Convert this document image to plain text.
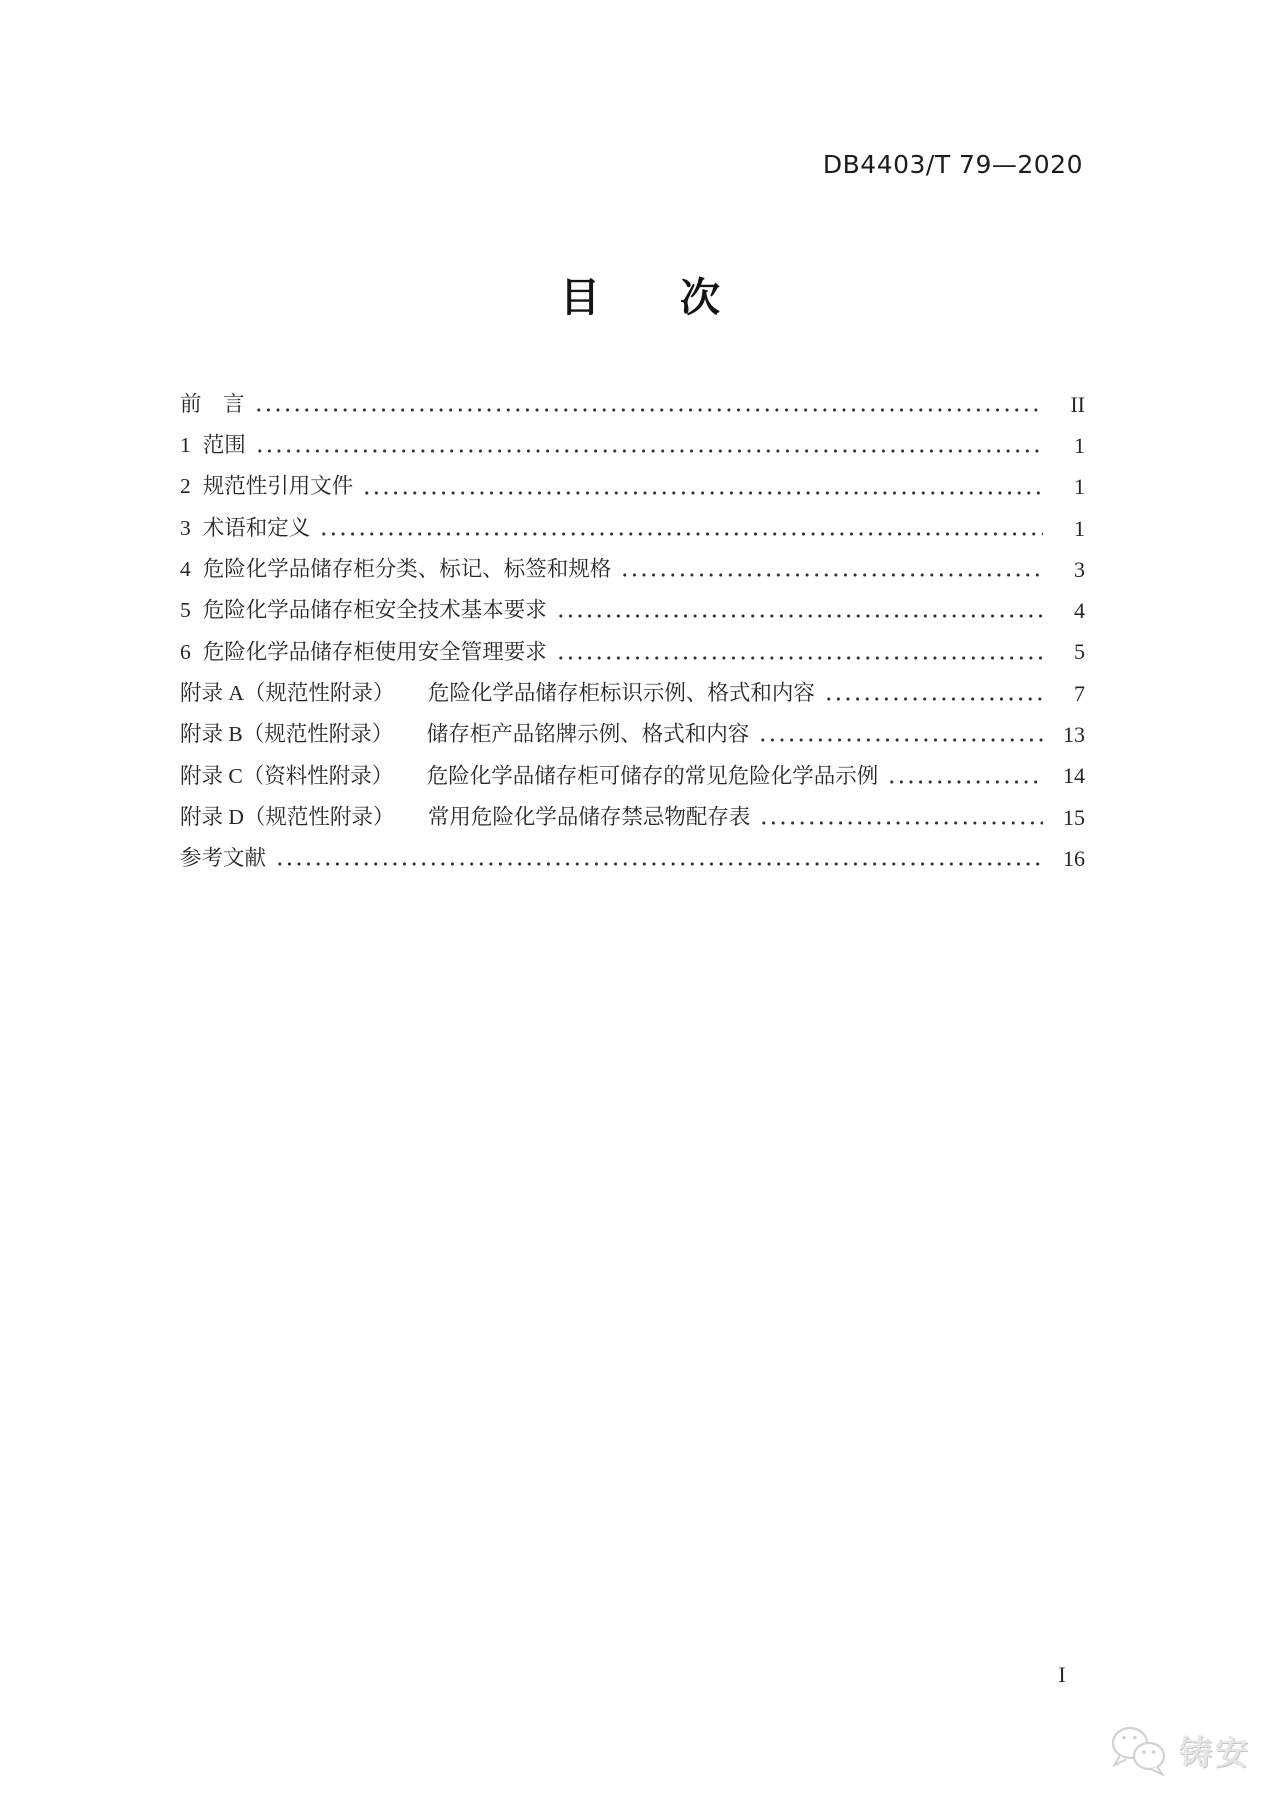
DB4403/T 79—2020
目　　次
前　言	II
1 范围	1
2 规范性引用文件	1
3 术语和定义	1
4 危险化学品储存柜分类、标记、标签和规格	3
5 危险化学品储存柜安全技术基本要求	4
6 危险化学品储存柜使用安全管理要求	5
附录 A（规范性附录） 　危险化学品储存柜标识示例、格式和内容	7
附录 B（规范性附录） 　储存柜产品铭牌示例、格式和内容	13
附录 C（资料性附录） 　危险化学品储存柜可储存的常见危险化学品示例	14
附录 D（规范性附录） 　常用危险化学品储存禁忌物配存表	15
参考文献	16
I
铸安
